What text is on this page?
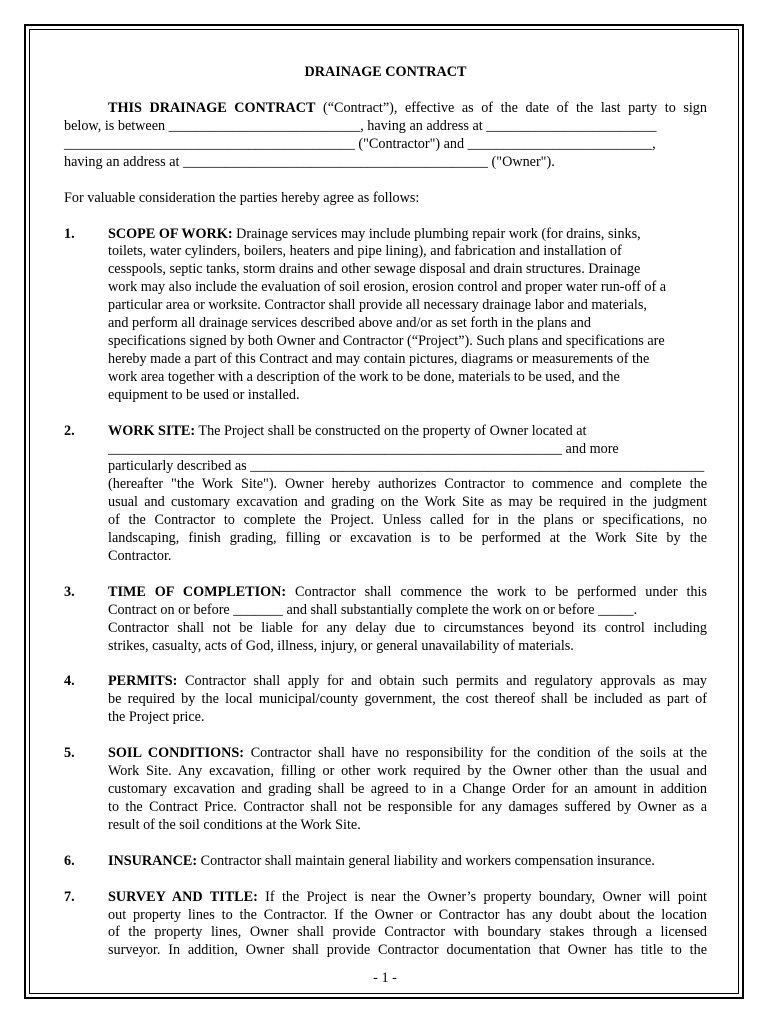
DRAINAGE CONTRACT

THIS DRAINAGE CONTRACT (“Contract”), effective as of the date of the last party to sign
below, is between ___________________________, having an address at ________________________
_________________________________________ ("Contractor") and __________________________,
having an address at ___________________________________________ ("Owner").
For valuable consideration the parties hereby agree as follows:
1. SCOPE OF WORK: Drainage services may include plumbing repair work (for drains, sinks,
toilets, water cylinders, boilers, heaters and pipe lining), and fabrication and installation of
cesspools, septic tanks, storm drains and other sewage disposal and drain structures. Drainage
work may also include the evaluation of soil erosion, erosion control and proper water run-off of a
particular area or worksite. Contractor shall provide all necessary drainage labor and materials,
and perform all drainage services described above and/or as set forth in the plans and
specifications signed by both Owner and Contractor (“Project”). Such plans and specifications are
hereby made a part of this Contract and may contain pictures, diagrams or measurements of the
work area together with a description of the work to be done, materials to be used, and the
equipment to be used or installed.
2. WORK SITE: The Project shall be constructed on the property of Owner located at
________________________________________________________________ and more
particularly described as ________________________________________________________________
(hereafter "the Work Site"). Owner hereby authorizes Contractor to commence and complete the
usual and customary excavation and grading on the Work Site as may be required in the judgment
of the Contractor to complete the Project. Unless called for in the plans or specifications, no
landscaping, finish grading, filling or excavation is to be performed at the Work Site by the
Contractor.
3. TIME OF COMPLETION: Contractor shall commence the work to be performed under this
Contract on or before _______ and shall substantially complete the work on or before _____.
Contractor shall not be liable for any delay due to circumstances beyond its control including
strikes, casualty, acts of God, illness, injury, or general unavailability of materials.
4. PERMITS: Contractor shall apply for and obtain such permits and regulatory approvals as may
be required by the local municipal/county government, the cost thereof shall be included as part of
the Project price.
5. SOIL CONDITIONS: Contractor shall have no responsibility for the condition of the soils at the
Work Site. Any excavation, filling or other work required by the Owner other than the usual and
customary excavation and grading shall be agreed to in a Change Order for an amount in addition
to the Contract Price. Contractor shall not be responsible for any damages suffered by Owner as a
result of the soil conditions at the Work Site.
6. INSURANCE: Contractor shall maintain general liability and workers compensation insurance.
7. SURVEY AND TITLE: If the Project is near the Owner’s property boundary, Owner will point
out property lines to the Contractor. If the Owner or Contractor has any doubt about the location
of the property lines, Owner shall provide Contractor with boundary stakes through a licensed
surveyor. In addition, Owner shall provide Contractor documentation that Owner has title to the
- 1 -
